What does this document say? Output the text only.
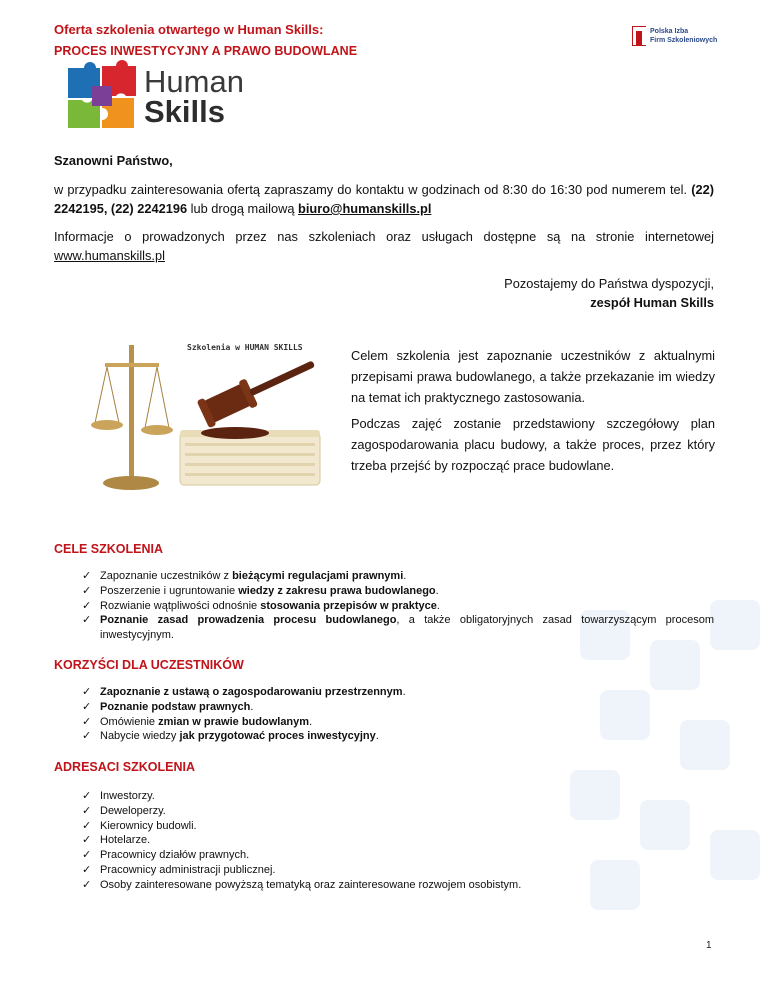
Oferta szkolenia otwartego w Human Skills:
PROCES INWESTYCYJNY A PRAWO BUDOWLANE
Polska Izba
Firm Szkoleniowych
Human
Skills
Szanowni Państwo,
w przypadku zainteresowania ofertą zapraszamy do kontaktu w godzinach od 8:30 do 16:30 pod numerem tel. (22) 2242195, (22) 2242196 lub drogą mailową biuro@humanskills.pl
Informacje o prowadzonych przez nas szkoleniach oraz usługach dostępne są na stronie internetowej www.humanskills.pl
Pozostajemy do Państwa dyspozycji,
zespół Human Skills
Szkolenia w HUMAN SKILLS
Celem szkolenia jest zapoznanie uczestników z aktualnymi przepisami prawa budowlanego, a także przekazanie im wiedzy na temat ich praktycznego zastosowania.
Podczas zajęć zostanie przedstawiony szczegółowy plan zagospodarowania placu budowy, a także proces, przez który trzeba przejść by rozpocząć prace budowlane.
CELE SZKOLENIA
✓ Zapoznanie uczestników z bieżącymi regulacjami prawnymi.
✓ Poszerzenie i ugruntowanie wiedzy z zakresu prawa budowlanego.
✓ Rozwianie wątpliwości odnośnie stosowania przepisów w praktyce.
✓ Poznanie zasad prowadzenia procesu budowlanego, a także obligatoryjnych zasad towarzyszącym procesom inwestycyjnym.
KORZYŚCI DLA UCZESTNIKÓW
✓ Zapoznanie z ustawą o zagospodarowaniu przestrzennym.
✓ Poznanie podstaw prawnych.
✓ Omówienie zmian w prawie budowlanym.
✓ Nabycie wiedzy jak przygotować proces inwestycyjny.
ADRESACI SZKOLENIA
✓ Inwestorzy.
✓ Deweloperzy.
✓ Kierownicy budowli.
✓ Hotelarze.
✓ Pracownicy działów prawnych.
✓ Pracownicy administracji publicznej.
✓ Osoby zainteresowane powyższą tematyką oraz zainteresowane rozwojem osobistym.
1
